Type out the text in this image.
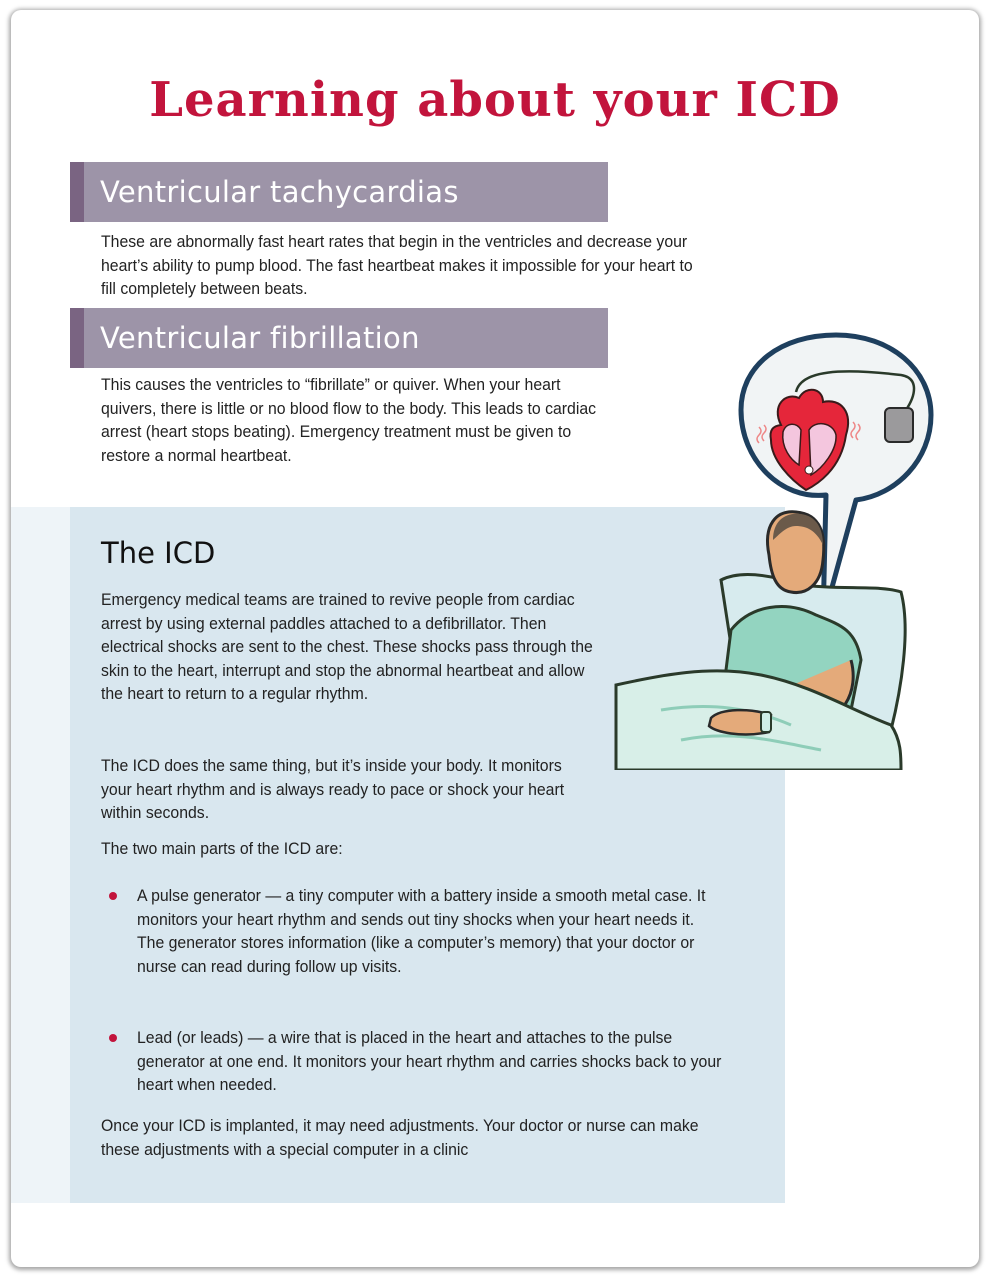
Learning about your ICD
Ventricular tachycardias

These are abnormally fast heart rates that begin in the ventricles and decrease your heart’s ability to pump blood. The fast heartbeat makes it impossible for your heart to fill completely between beats.

Ventricular fibrillation

This causes the ventricles to “fibrillate” or quiver. When your heart quivers, there is little or no blood flow to the body. This leads to cardiac arrest (heart stops beating). Emergency treatment must be given to restore a normal heartbeat.

The ICD

Emergency medical teams are trained to revive people from cardiac arrest by using external paddles attached to a defibrillator. Then electrical shocks are sent to the chest. These shocks pass through the skin to the heart, interrupt and stop the abnormal heartbeat and allow the heart to return to a regular rhythm.

The ICD does the same thing, but it’s inside your body. It monitors your heart rhythm and is always ready to pace or shock your heart within seconds.

The two main parts of the ICD are:

A pulse generator — a tiny computer with a battery inside a smooth metal case. It monitors your heart rhythm and sends out tiny shocks when your heart needs it. The generator stores information (like a computer’s memory) that your doctor or nurse can read during follow up visits.

Lead (or leads) — a wire that is placed in the heart and attaches to the pulse generator at one end. It monitors your heart rhythm and carries shocks back to your heart when needed.

Once your ICD is implanted, it may need adjustments. Your doctor or nurse can make these adjustments with a special computer in a clinic
